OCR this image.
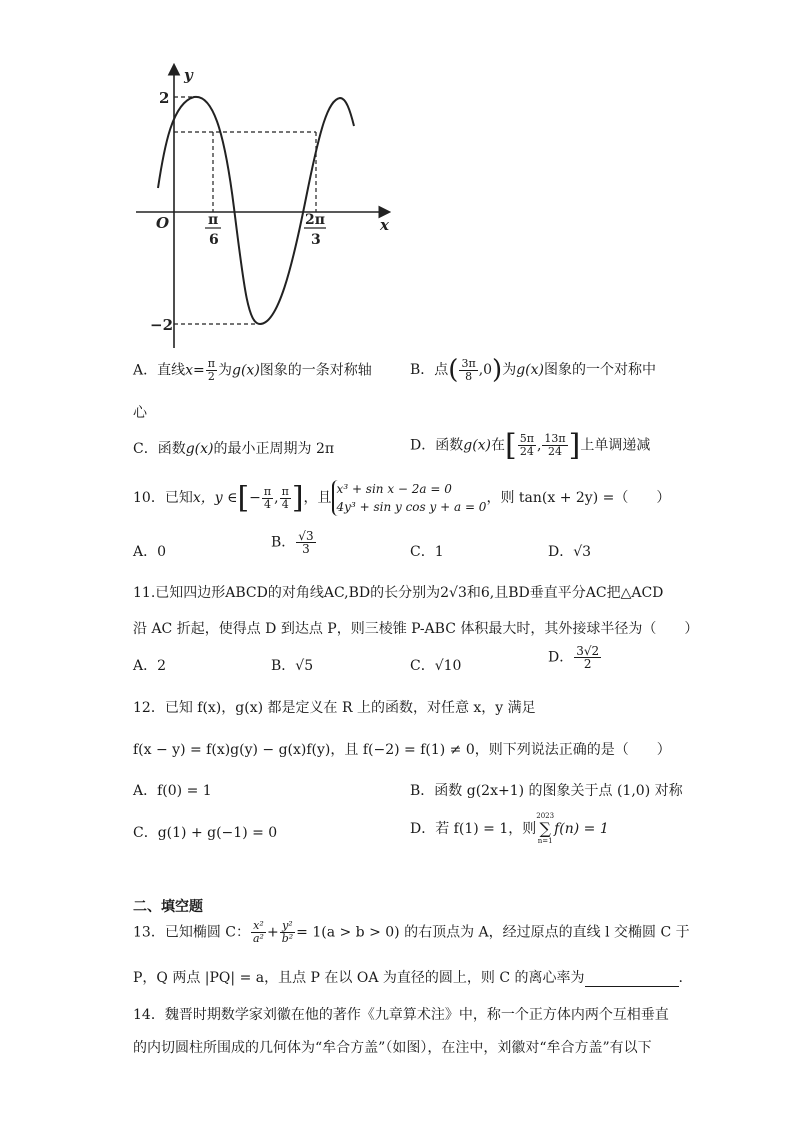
y
x
O
2
−2
π
6
2π
3
A．直线$x= \frac{\pi}{2}$ 为g(x)图象的一条对称轴	B．点( $\frac{3\pi}{8} ,0$)为g(x)图象的一个对称中
心
C．函数g(x)的最小正周期为 2π	D．函数g(x)在[ $\frac{5\pi}{24}$ , $\frac{13\pi}{24}$ ]上单调递减
10．已知x，y ∈[− $\frac{\pi}{4}$ , $\frac{\pi}{4}$ ]，且
x³ + sin x − 2a = 0
4y³ + sin y cos y + a = 0
，则 tan(x + 2y) =（　　）
A．0
B． $\frac{√3}{3}$	C．1	D．√3
11.已知四边形ABCD的对角线AC,BD的长分别为2√3和6,且BD垂直平分AC把△ACD
沿 AC 折起，使得点 D 到达点 P，则三棱锥 P-ABC 体积最大时，其外接球半径为（　　）
A．2	B．√5	C．√10
D． $\frac{3√2}{2}$
12．已知 f(x)，g(x) 都是定义在 R 上的函数，对任意 x，y 满足
f(x − y) = f(x)g(y) − g(x)f(y)，且 f(−2) = f(1) ≠ 0，则下列说法正确的是（　　）
A．f(0) = 1	B．函数 g(2x+1) 的图象关于点 (1,0) 对称
C．g(1) + g(−1) = 0	D．若 f(1) = 1，则
2023
∑
n=1
f(n) = 1
二、填空题
13．已知椭圆 C： $\frac{\text{x²}}{\text{a²}} + \frac{\text{y²}}{\text{b²}} = 1(a > b > 0)$ 的右顶点为 A，经过原点的直线 l 交椭圆 C 于
P，Q 两点 |PQ| = a，且点 P 在以 OA 为直径的圆上，则 C 的离心率为	.
14．魏晋时期数学家刘徽在他的著作《九章算术注》中，称一个正方体内两个互相垂直
的内切圆柱所围成的几何体为“牟合方盖”（如图），在注中，刘徽对“牟合方盖”有以下
